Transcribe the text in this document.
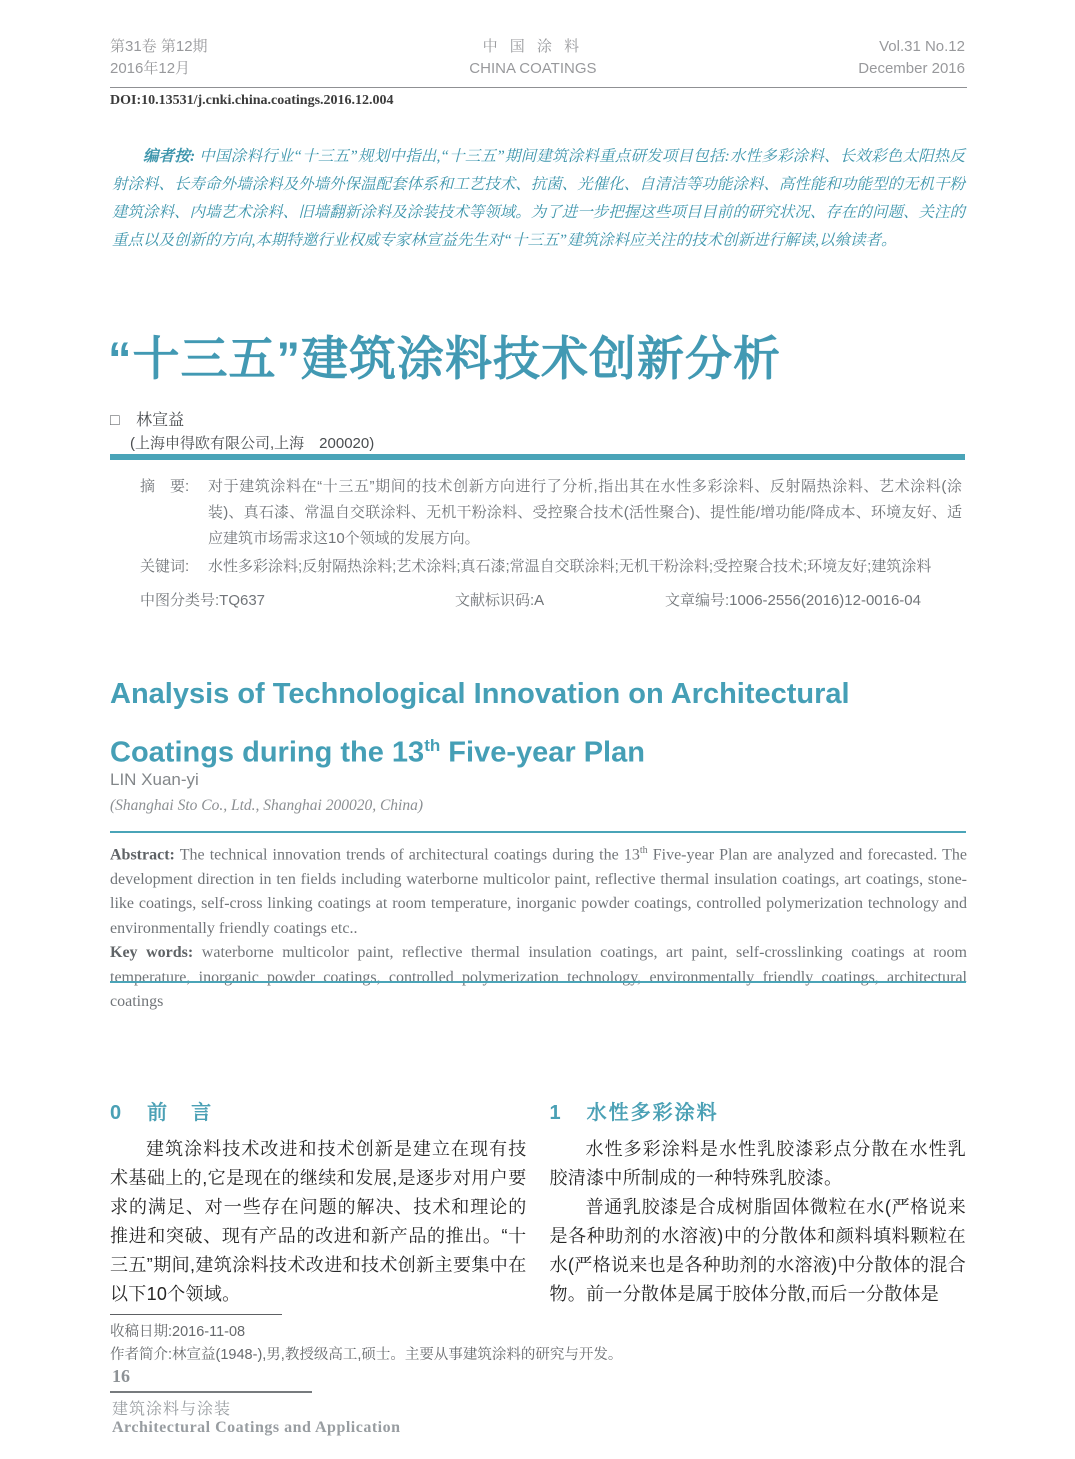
第31卷 第12期
2016年12月
中 国 涂 料
CHINA COATINGS
Vol.31 No.12
December 2016
DOI:10.13531/j.cnki.china.coatings.2016.12.004
编者按: 中国涂料行业“十三五”规划中指出,“十三五”期间建筑涂料重点研发项目包括:水性多彩涂料、长效彩色太阳热反射涂料、长寿命外墙涂料及外墙外保温配套体系和工艺技术、抗菌、光催化、自清洁等功能涂料、高性能和功能型的无机干粉建筑涂料、内墙艺术涂料、旧墙翻新涂料及涂装技术等领域。为了进一步把握这些项目目前的研究状况、存在的问题、关注的重点以及创新的方向,本期特邀行业权威专家林宣益先生对“十三五”建筑涂料应关注的技术创新进行解读,以飨读者。
“十三五”建筑涂料技术创新分析
□ 林宣益
(上海申得欧有限公司,上海　200020)
摘　要:	对于建筑涂料在“十三五”期间的技术创新方向进行了分析,指出其在水性多彩涂料、反射隔热涂料、艺术涂料(涂装)、真石漆、常温自交联涂料、无机干粉涂料、受控聚合技术(活性聚合)、提性能/增功能/降成本、环境友好、适应建筑市场需求这10个领域的发展方向。
关键词:	水性多彩涂料;反射隔热涂料;艺术涂料;真石漆;常温自交联涂料;无机干粉涂料;受控聚合技术;环境友好;建筑涂料
中图分类号:TQ637	文献标识码:A	文章编号:1006-2556(2016)12-0016-04
Analysis of Technological Innovation on Architectural Coatings during the 13th Five-year Plan
LIN Xuan-yi
(Shanghai Sto Co., Ltd., Shanghai 200020, China)

Abstract: The technical innovation trends of architectural coatings during the 13th Five-year Plan are analyzed and forecasted. The development direction in ten fields including waterborne multicolor paint, reflective thermal insulation coatings, art coatings, stone-like coatings, self-cross linking coatings at room temperature, inorganic powder coatings, controlled polymerization technology and environmentally friendly coatings etc..

Key words: waterborne multicolor paint, reflective thermal insulation coatings, art paint, self-crosslinking coatings at room temperature, inorganic powder coatings, controlled polymerization technology, environmentally friendly coatings, architectural coatings

0 前　言

建筑涂料技术改进和技术创新是建立在现有技术基础上的,它是现在的继续和发展,是逐步对用户要求的满足、对一些存在问题的解决、技术和理论的推进和突破、现有产品的改进和新产品的推出。“十三五”期间,建筑涂料技术改进和技术创新主要集中在以下10个领域。

1 水性多彩涂料

水性多彩涂料是水性乳胶漆彩点分散在水性乳胶清漆中所制成的一种特殊乳胶漆。

普通乳胶漆是合成树脂固体微粒在水(严格说来是各种助剂的水溶液)中的分散体和颜料填料颗粒在水(严格说来也是各种助剂的水溶液)中分散体的混合物。前一分散体是属于胶体分散,而后一分散体是

收稿日期:2016-11-08
作者简介:林宣益(1948-),男,教授级高工,硕士。主要从事建筑涂料的研究与开发。
16
建筑涂料与涂装
Architectural Coatings and Application
